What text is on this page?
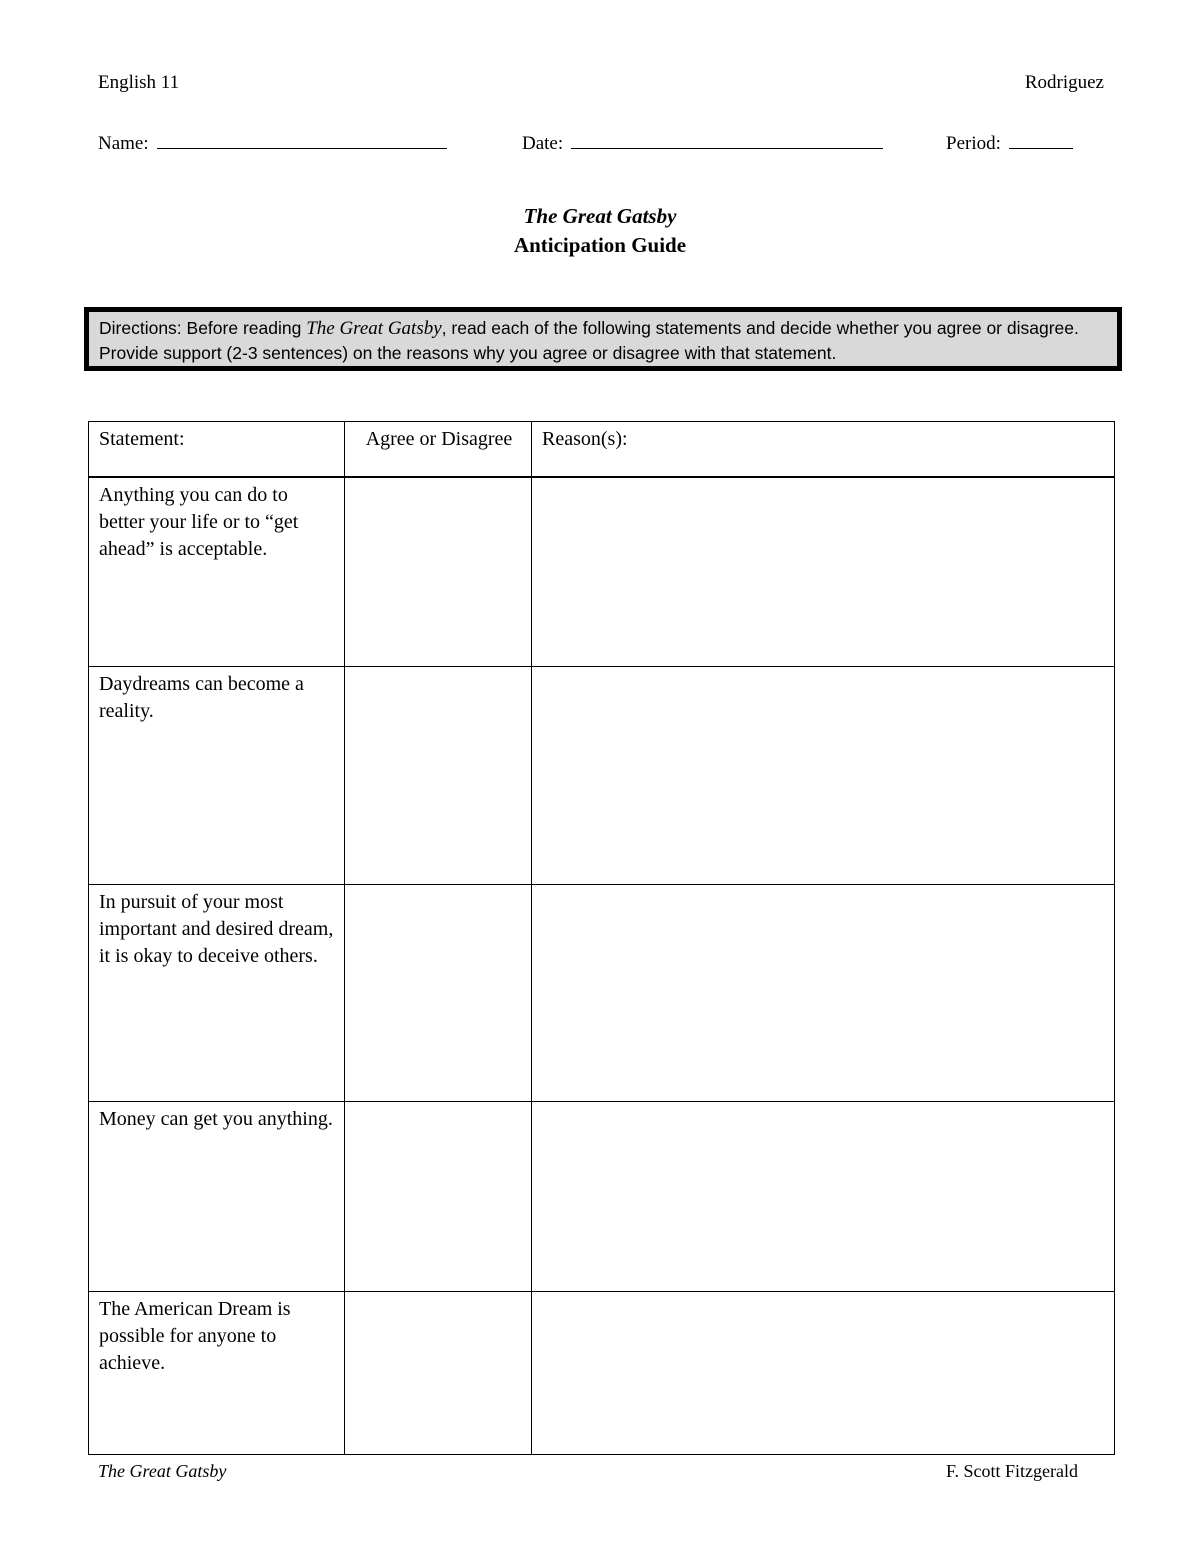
English 11	Rodriguez
Name:	Date:	Period:
The Great Gatsby
Anticipation Guide
Directions: Before reading The Great Gatsby, read each of the following statements and decide whether you agree or disagree. Provide support (2-3 sentences) on the reasons why you agree or disagree with that statement.
Statement:	Agree or Disagree	Reason(s):
Anything you can do to better your life or to “get ahead” is acceptable.		
Daydreams can become a reality.		
In pursuit of your most important and desired dream, it is okay to deceive others.		
Money can get you anything.		
The American Dream is possible for anyone to achieve.		
The Great Gatsby	F. Scott Fitzgerald
